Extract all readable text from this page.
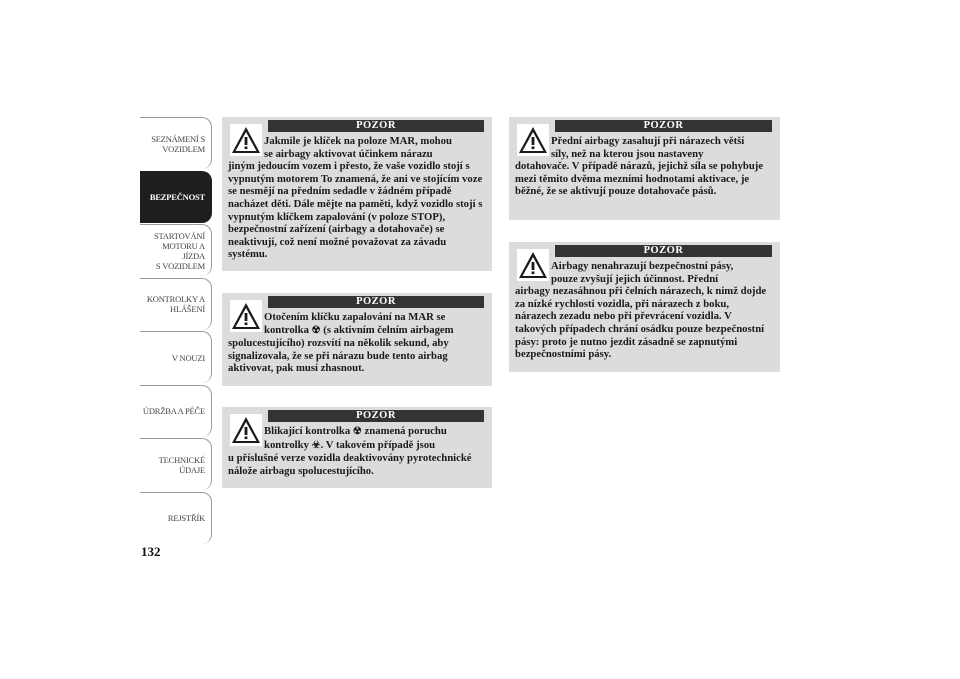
SEZNÁMENÍ S
VOZIDLEM
BEZPEČNOST
STARTOVÁNÍ
MOTORU A JÍZDA
S VOZIDLEM
KONTROLKY A
HLÁŠENÍ
V NOUZI
ÚDRŽBA A PÉČE
TECHNICKÉ
ÚDAJE
REJSTŘÍK
132
POZOR
Jakmile je klíček na poloze MAR, mohou
se airbagy aktivovat účinkem nárazu
jiným jedoucím vozem i přesto, že vaše vozidlo stojí s vypnutým motorem To znamená, že ani ve stojícím voze se nesmějí na předním sedadle v žádném případě nacházet děti. Dále mějte na paměti, když vozidlo stojí s vypnutým klíčkem zapalování (v poloze STOP), bezpečnostní zařízení (airbagy a dotahovače) se neaktivují, což není možné považovat za závadu systému.
POZOR
Otočením klíčku zapalování na MAR se
kontrolka ☢ (s aktivním čelním airbagem
spolucestujícího) rozsvítí na několik sekund, aby signalizovala, že se při nárazu bude tento airbag aktivovat, pak musí zhasnout.
POZOR
Blikající kontrolka ☢ znamená poruchu
kontrolky ☣. V takovém případě jsou
u příslušné verze vozidla deaktivovány pyrotechnické nálože airbagu spolucestujícího.
POZOR
Přední airbagy zasahují při nárazech větší
síly, než na kterou jsou nastaveny
dotahovače. V případě nárazů, jejichž síla se pohybuje mezi těmito dvěma mezními hodnotami aktivace, je běžné, že se aktivují pouze dotahovače pásů.
POZOR
Airbagy nenahrazují bezpečnostní pásy,
pouze zvyšují jejich účinnost. Přední
airbagy nezasáhnou při čelních nárazech, k nimž dojde za nízké rychlosti vozidla, při nárazech z boku, nárazech zezadu nebo při převrácení vozidla. V takových případech chrání osádku pouze bezpečnostní pásy: proto je nutno jezdit zásadně se zapnutými bezpečnostními pásy.
